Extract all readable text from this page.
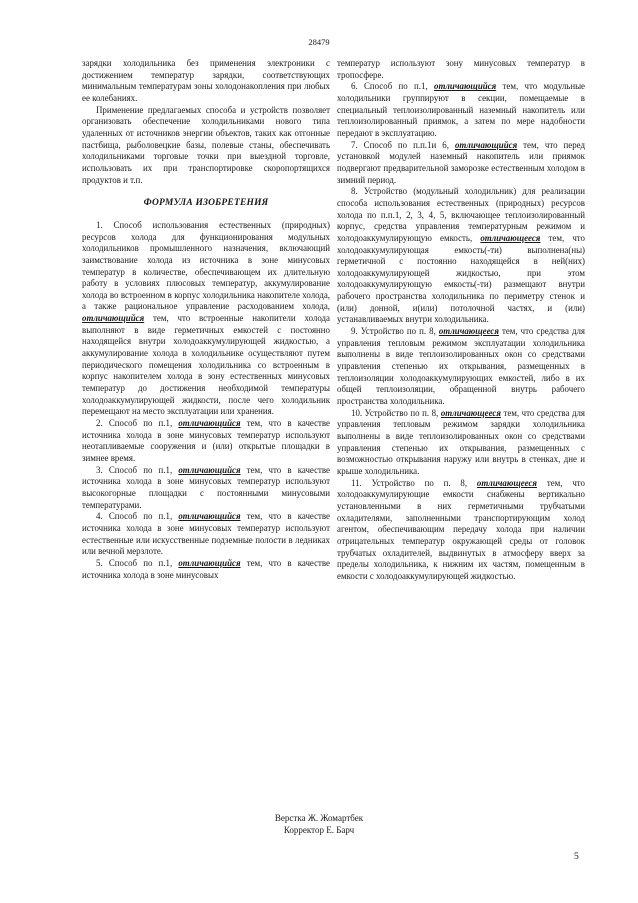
28479

зарядки холодильника без применения электроники с достижением температур зарядки, соответствующих минимальным температурам зоны холодонакопления при любых ее колебаниях.

Применение предлагаемых способа и устройств позволяет организовать обеспечение холодильниками нового типа удаленных от источников энергии объектов, таких как отгонные пастбища, рыболовецкие базы, полевые станы, обеспечивать холодильниками торговые точки при выездной торговле, использовать их при транспортировке скоропортящихся продуктов и т.п.

ФОРМУЛА ИЗОБРЕТЕНИЯ

1. Способ использования естественных (природных) ресурсов холода для функционирования модульных холодильников промышленного назначения, включающий заимствование холода из источника в зоне минусовых температур в количестве, обеспечивающем их длительную работу в условиях плюсовых температур, аккумулирование холода во встроенном в корпус холодильника накопителе холода, а также рациональное управление расходованием холода, отличающийся тем, что встроенные накопители холода выполняют в виде герметичных емкостей с постоянно находящейся внутри холодоаккумулирующей жидкостью, а аккумулирование холода в холодильнике осуществляют путем периодического помещения холодильника со встроенным в корпус накопителем холода в зону естественных минусовых температур до достижения необходимой температуры холодоаккумулирующей жидкости, после чего холодильник перемещают на место эксплуатации или хранения.

2. Способ по п.1, отличающийся тем, что в качестве источника холода в зоне минусовых температур используют неотапливаемые сооружения и (или) открытые площадки в зимнее время.

3. Способ по п.1, отличающийся тем, что в качестве источника холода в зоне минусовых температур используют высокогорные площадки с постоянными минусовыми температурами.

4. Способ по п.1, отличающийся тем, что в качестве источника холода в зоне минусовых температур используют естественные или искусственные подземные полости в ледниках или вечной мерзлоте.

5. Способ по п.1, отличающийся тем, что в качестве источника холода в зоне минусовых

температур используют зону минусовых температур в тропосфере.

6. Способ по п.1, отличающийся тем, что модульные холодильники группируют в секции, помещаемые в специальный теплоизолированный наземный накопитель или теплоизолированный приямок, а затем по мере надобности передают в эксплуатацию.

7. Способ по п.п.1и 6, отличающийся тем, что перед установкой модулей наземный накопитель или приямок подвергают предварительной заморозке естественным холодом в зимний период.

8. Устройство (модульный холодильник) для реализации способа использования естественных (природных) ресурсов холода по п.п.1, 2, 3, 4, 5, включающее теплоизолированный корпус, средства управления температурным режимом и холодоаккумулирующую емкость, отличающееся тем, что холодоаккумулирующая емкость(-ти) выполнена(ны) герметичной с постоянно находящейся в ней(них) холодоаккумулирующей жидкостью, при этом холодоаккумулирующую емкость(-ти) размещают внутри рабочего пространства холодильника по периметру стенок и (или) донной, и(или) потолочной частях, и (или) устанавливаемых внутри холодильника.

9. Устройство по п. 8, отличающееся тем, что средства для управления тепловым режимом эксплуатации холодильника выполнены в виде теплоизолированных окон со средствами управления степенью их открывания, размещенных в теплоизоляции холодоаккумулирующих емкостей, либо в их общей теплоизоляции, обращенной внутрь рабочего пространства холодильника.

10. Устройство по п. 8, отличающееся тем, что средства для управления тепловым режимом зарядки холодильника выполнены в виде теплоизолированных окон со средствами управления степенью их открывания, размещенных с возможностью открывания наружу или внутрь в стенках, дне и крыше холодильника.

11. Устройство по п. 8, отличающееся тем, что холодоаккумулирующие емкости снабжены вертикально установленными в них герметичными трубчатыми охладителями, заполненными транспортирующим холод агентом, обеспечивающим передачу холода при наличии отрицательных температур окружающей среды от головок трубчатых охладителей, выдвинутых в атмосферу вверх за пределы холодильника, к нижним их частям, помещенным в емкости с холодоаккумулирующей жидкостью.

Верстка Ж. Жомартбек
Корректор Е. Барч
5
